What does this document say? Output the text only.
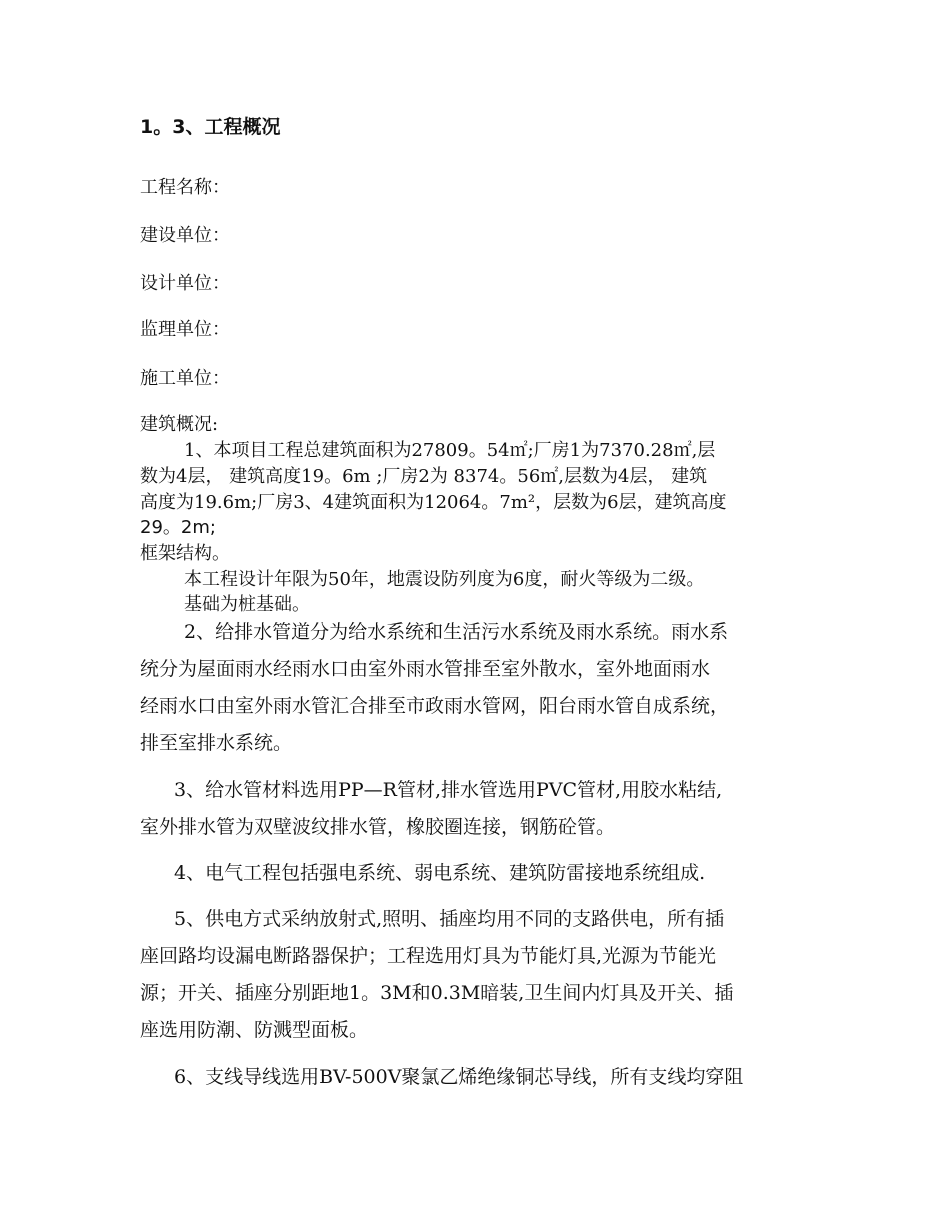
1。3、工程概况
工程名称：
建设单位：
设计单位：
监理单位：
施工单位：
建筑概况:
1、本项目工程总建筑面积为27809。54㎡;厂房1为7370.28㎡,层
数为4层， 建筑高度19。6m ;厂房2为 8374。56㎡,层数为4层， 建筑
高度为19.6m;厂房3、4建筑面积为12064。7m²，层数为6层，建筑高度
29。2m;
框架结构。
本工程设计年限为50年，地震设防列度为6度，耐火等级为二级。
基础为桩基础。
2、给排水管道分为给水系统和生活污水系统及雨水系统。雨水系
统分为屋面雨水经雨水口由室外雨水管排至室外散水，室外地面雨水
经雨水口由室外雨水管汇合排至市政雨水管网，阳台雨水管自成系统，
排至室排水系统。
3、给水管材料选用PP—R管材,排水管选用PVC管材,用胶水粘结,
室外排水管为双壁波纹排水管，橡胶圈连接，钢筋砼管。
4、电气工程包括强电系统、弱电系统、建筑防雷接地系统组成.
5、供电方式采纳放射式,照明、插座均用不同的支路供电，所有插
座回路均设漏电断路器保护；工程选用灯具为节能灯具,光源为节能光
源；开关、插座分别距地1。3M和0.3M暗装,卫生间内灯具及开关、插
座选用防潮、防溅型面板。
6、支线导线选用BV-500V聚氯乙烯绝缘铜芯导线，所有支线均穿阻
